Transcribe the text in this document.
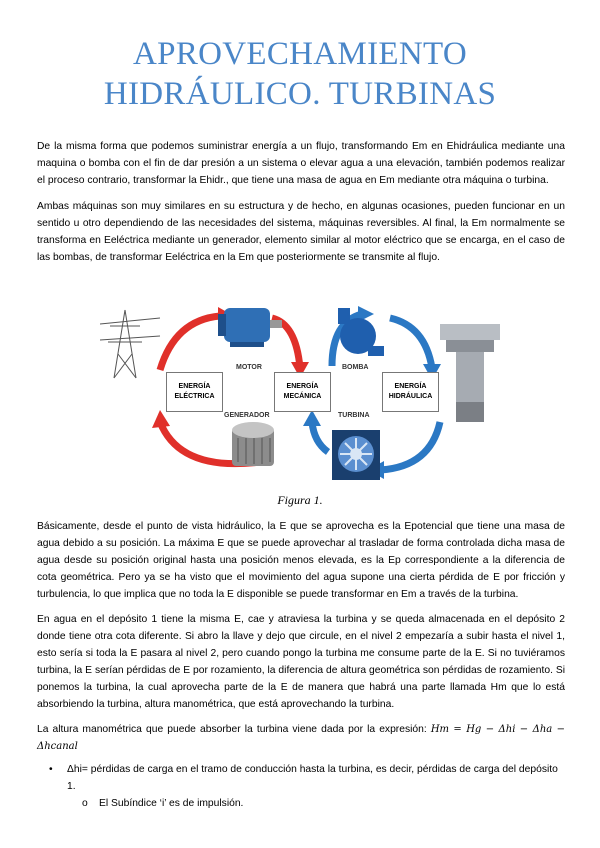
APROVECHAMIENTO
HIDRÁULICO. TURBINAS

De la misma forma que podemos suministrar energía a un flujo, transformando Em en Ehidráulica mediante una maquina o bomba con el fin de dar presión a un sistema o elevar agua a una elevación, también podemos realizar el proceso contrario, transformar la Ehidr., que tiene una masa de agua en Em mediante otra máquina o turbina.

Ambas máquinas son muy similares en su estructura y de hecho, en algunas ocasiones, pueden funcionar en un sentido u otro dependiendo de las necesidades del sistema, máquinas reversibles. Al final, la Em normalmente se transforma en Eeléctrica mediante un generador, elemento similar al motor eléctrico que se encarga, en el caso de las bombas, de transformar Eeléctrica en la Em que posteriormente se transmite al flujo.

ENERGÍA ELÉCTRICA
ENERGÍA MECÁNICA
ENERGÍA HIDRÁULICA
MOTOR	BOMBA
GENERADOR	TURBINA
Figura 1.

Básicamente, desde el punto de vista hidráulico, la E que se aprovecha es la Epotencial que tiene una masa de agua debido a su posición. La máxima E que se puede aprovechar al trasladar de forma controlada dicha masa de agua desde su posición original hasta una posición menos elevada, es la Ep correspondiente a la diferencia de cota geométrica. Pero ya se ha visto que el movimiento del agua supone una cierta pérdida de E por fricción y turbulencia, lo que implica que no toda la E disponible se puede transformar en Em a través de la turbina.

En agua en el depósito 1 tiene la misma E, cae y atraviesa la turbina y se queda almacenada en el depósito 2 donde tiene otra cota diferente. Si abro la llave y dejo que circule, en el nivel 2 empezaría a subir hasta el nivel 1, esto sería si toda la E pasara al nivel 2, pero cuando pongo la turbina me consume parte de la E. Si no tuviéramos turbina, la E serían pérdidas de E por rozamiento, la diferencia de altura geométrica son pérdidas de rozamiento. Si ponemos la turbina, la cual aprovecha parte de la E de manera que habrá una parte llamada Hm que lo está absorbiendo la turbina, altura manométrica, que está aprovechando la turbina.

La altura manométrica que puede absorber la turbina viene dada por la expresión: Hm = Hg − Δhi − Δha − Δhcanal

• Δhi= pérdidas de carga en el tramo de conducción hasta la turbina, es decir, pérdidas de carga del depósito 1.
o El Subíndice ‘i’ es de impulsión.
